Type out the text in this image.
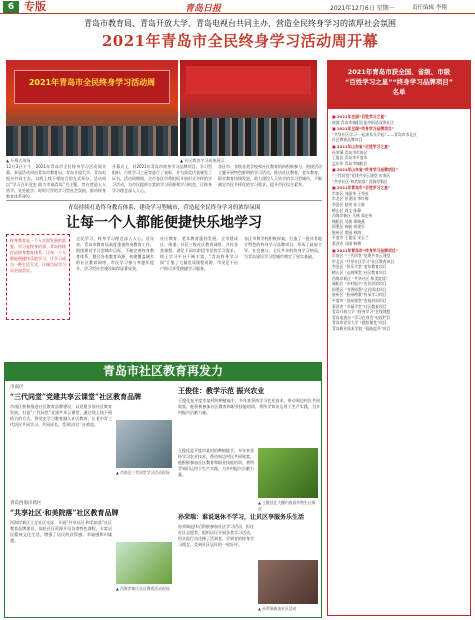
6 专版	青岛日报	2021年12月6日 星期一	责任编辑 李翔
青岛市教育局、青岛开放大学、青岛电视台共同主办，营造全民终身学习的浓厚社会氛围
2021年青岛市全民终身学习活动周开幕
2021年青岛市全民终身学习活动周
▲ 开幕式现场	▲ 社区教育学习成果展示
12月3日下午，2021年青岛市全民终身学习活动周开幕，本届活动周由青岛市教育局、青岛开放大学、青岛电视台共同主办，以线上线下相结合的方式举办。活动周以“学习百年党史 助力幸福青岛”为主题，旨在营造人人皆学、处处能学、时时可学的学习型社会氛围，推动终身教育体系建设。
开幕式上，对2021年青岛市终身学习品牌项目、学习型组织、百姓学习之星等进行了表彰，并为获奖代表颁发了证书。活动周期间，全市各区市将组织开展形式多样的学习活动，为市民提供丰富的学习资源和学习机会，让终身学习理念深入人心。
各区市、各级各类学校和社区教育机构积极参与，围绕活动主题开展特色鲜明的学习活动，推动社区教育、老年教育、职业教育协调发展，助力建设人人皆学的学习型城市，不断满足市民多样化的学习需求，提升市民综合素养。
青岛持续打造终身教育体系，建设学习型城市，营造起全民终身学习的浓厚氛围
让每一个人都能便捷快乐地学习
终身教育是一个人全面发展的需要，学习是终身的事。青岛持续打造终身教育体系，让每一个人都能便捷快乐地学习，让学习成为一种生活方式，让城市因学习而更加美好。
全民学习，终身学习理念深入人心。近年来，青岛市教育局高度重视终身教育工作，围绕建设学习型城市目标，不断完善终身教育体系，整合各类教育资源，构建覆盖城乡的社区教育网络，市民学习参与率逐年提升，学习型社会建设取得显著成效。
社区教育、老年教育蓬勃发展。全市建成区、街道、社区三级社区教育网络，开设各类课程，满足不同年龄段市民的学习需求。线上学习平台不断丰富，“青岛终身学习网”汇集了大量优质课程资源，市民足不出户即可享受便捷学习服务。
各区市和学校积极探索，打造了一批具有地方特色的终身学习品牌项目，形成了政府主导、社会参与、全民共享的终身学习格局，为青岛建设学习型城市奠定了坚实基础。
青岛市社区教育再发力
市南区
“三代同堂”党建共享云课堂”社区教育品牌
市南区积极推进社区教育品牌建设，以党建引领社区教育发展，打造“三代同堂”党建共享云课堂，通过线上线下相结合的方式，将党史学习教育融入社区教育，让老中青三代居民共同学习、共同成长，受到居民广泛欢迎。
▲ 市南区三代同堂学习活动现场
青岛西海岸新区
“共享社区·和美院落”社区教育品牌
西海岸新区立足社区实际，开展“共享社区·和美院落”社区教育品牌建设，依托社区资源开设各类特色课程，丰富居民精神文化生活，增强了居民的获得感、幸福感和归属感。
▲ 西海岸新区社区教育活动现场
王俊佳：教学示范 振兴农业
王俊佳是平度市某村的种植能手，多年来坚持学习农业技术，带动周边村民共同致富，他积极参加社区教育和职业技能培训，将所学知识运用于生产实践，为乡村振兴贡献力量。
王俊佳是平度市某村的种植能手，多年来坚持学习农业技术，带动周边村民共同致富，他积极参加社区教育和职业技能培训，将所学知识运用于生产实践，为乡村振兴贡献力量。
▲ 王俊佳在大棚内查看作物生长情况
孙荣瑞：谁说退休不学习，让贝区享服务乐生活
孙荣瑞退休后积极参加社区学习活动，担任社区志愿者，组织居民开展各类学习活动，用实际行动诠释了活到老、学到老的终身学习理念，受到社区居民的一致好评。
▲ 孙荣瑞参加社区活动
2021年青岛市获全国、省级、市级
“百姓学习之星”“终身学习品牌项目”
名单
■ 2021年全国“百姓学习之星”
崔波 青岛市城阳区流亭街道双埠社区
■ 2021年全国“终身学习品牌项目”
“共享社区学习 一起来从头学起”——青岛市市北区
社区教育品牌项目
■ 2021年山东省“百姓学习之星”
孙荣瑞 青岛市市南区
王俊佳 青岛市平度市
孟庆华 青岛市城阳区
■ 2021年山东省“终身学习品牌项目”
“三代同堂”党建共享云课堂 市南区
“共享社区·和美院落” 西海岸新区
■ 2021年青岛市“百姓学习之星”
市南区 刘丽华 王秀英
市北区 张建国 李红梅
李沧区 赵明 孙立新
崂山区 周文 陈静
西海岸新区 马林 高宏伟
城阳区 吴敏 郑晓燕
即墨区 杨帆 胡建军
胶州区 徐丽 林海
平度市 王俊佳 宋玉兰
莱西市 冯刚 韩梅
■ 2021年青岛市“终身学习品牌项目”
市南区 “三代同堂”党建共享云课堂
市北区 “共享社区学习”社区教育项目
李沧区 “快乐学堂”老年教育项目
崂山区 “山海课堂”社区教育项目
西海岸新区 “共享社区·和美院落”
城阳区 “乡村振兴”农民培训项目
即墨区 “书香即墨”全民阅读项目
胶州区 “胶州秧歌”传承学习项目
平度市 “田间课堂”农技培训项目
莱西市 “幸福学堂”社区教育项目
青岛开放大学 “终身学习”在线课程
青岛电视台 “学习在身边”电视栏目
青岛市老年大学 “银龄课堂”项目
青岛职业技术学院 “技能提升”项目
